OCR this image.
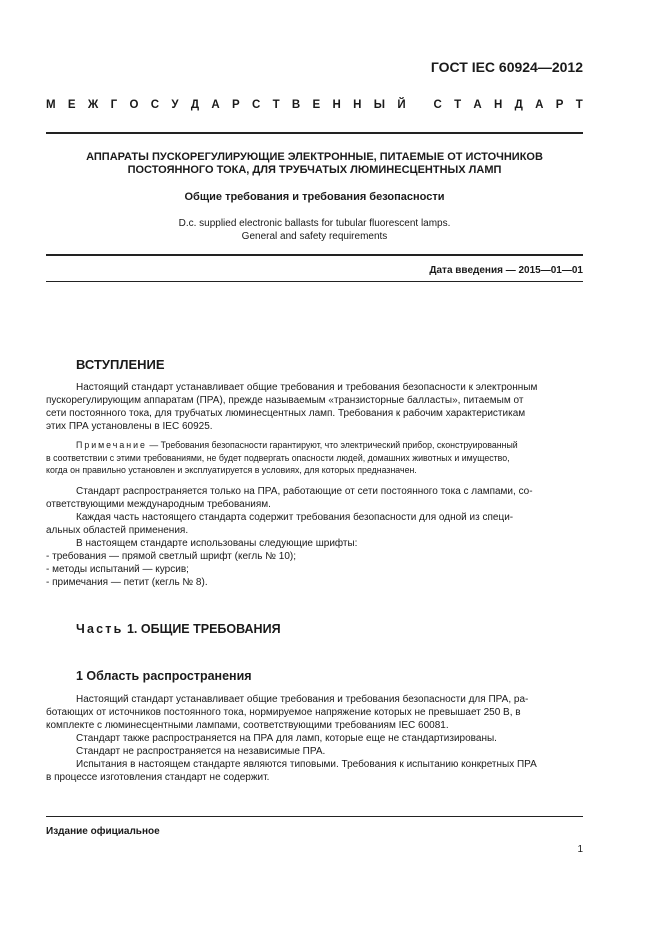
ГОСТ IEC 60924—2012
М Е Ж Г О С У Д А Р С Т В Е Н Н Ы Й
С Т А Н Д А Р Т
АППАРАТЫ ПУСКОРЕГУЛИРУЮЩИЕ ЭЛЕКТРОННЫЕ, ПИТАЕМЫЕ ОТ ИСТОЧНИКОВ
ПОСТОЯННОГО ТОКА, ДЛЯ ТРУБЧАТЫХ ЛЮМИНЕСЦЕНТНЫХ ЛАМП
Общие требования и требования безопасности
D.c. supplied electronic ballasts for tubular fluorescent lamps.
General and safety requirements
Дата введения — 2015—01—01
ВСТУПЛЕНИЕ
Настоящий стандарт устанавливает общие требования и требования безопасности к электронным
пускорегулирующим аппаратам (ПРА), прежде называемым «транзисторные балласты», питаемым от
сети постоянного тока, для трубчатых люминесцентных ламп. Требования к рабочим характеристикам
этих ПРА установлены в IEC 60925.
Примечание — Требования безопасности гарантируют, что электрический прибор, сконструированный
в соответствии с этими требованиями, не будет подвергать опасности людей, домашних животных и имущество,
когда он правильно установлен и эксплуатируется в условиях, для которых предназначен.
Стандарт распространяется только на ПРА, работающие от сети постоянного тока с лампами, со-
ответствующими международным требованиям.
Каждая часть настоящего стандарта содержит требования безопасности для одной из специ-
альных областей применения.
В настоящем стандарте использованы следующие шрифты:
- требования — прямой светлый шрифт (кегль № 10);
- методы испытаний — курсив;
- примечания — петит (кегль № 8).
Часть 1. ОБЩИЕ ТРЕБОВАНИЯ
1 Область распространения
Настоящий стандарт устанавливает общие требования и требования безопасности для ПРА, ра-
ботающих от источников постоянного тока, нормируемое напряжение которых не превышает 250 В, в
комплекте с люминесцентными лампами, соответствующими требованиям IEC 60081.
Стандарт также распространяется на ПРА для ламп, которые еще не стандартизированы.
Стандарт не распространяется на независимые ПРА.
Испытания в настоящем стандарте являются типовыми. Требования к испытанию конкретных ПРА
в процессе изготовления стандарт не содержит.
Издание официальное
1
